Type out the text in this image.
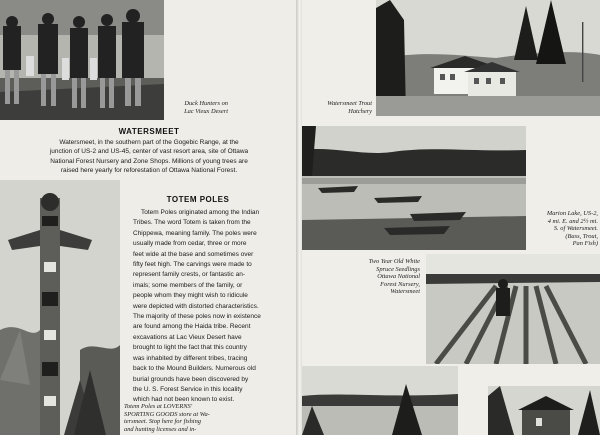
Duck Hunters on
Lac Vieux Desert
WATERSMEET
Watersmeet, in the southern part of the Gogebic Range, at the
junction of US-2 and US-45, center of vast resort area, site of Ottawa
National Forest Nursery and Zone Shops. Millions of young trees are
raised here yearly for reforestation of Ottawa National Forest.
TOTEM POLES
Totem Poles originated among the Indian
Tribes. The word Totem is taken from the
Chippewa, meaning family. The poles were
usually made from cedar, three or more
feet wide at the base and sometimes over
fifty feet high. The carvings were made to
represent family crests, or fantastic an-
imals; some members of the family, or
people whom they might wish to ridicule
were depicted with distorted characteristics.
The majority of these poles now in existence
are found among the Haida tribe. Recent
excavations at Lac Vieux Desert have
brought to light the fact that this country
was inhabited by different tribes, tracing
back to the Mound Builders. Numerous old
burial grounds have been discovered by
the U. S. Forest Service in this locality
which had not been known to exist.
Totem Poles at LOVERNS'
SPORTING GOODS store at Wa-
tersmeet. Stop here for fishing
and hunting licenses and in-
Watersmeet Trout
Hatchery
Marion Lake, US-2,
4 mi. E. and 2½ mi.
S. of Watersmeet.
(Bass, Trout,
Pan Fish)
Two Year Old White
Spruce Seedlings
Ottawa National
Forest Nursery,
Watersmeet
